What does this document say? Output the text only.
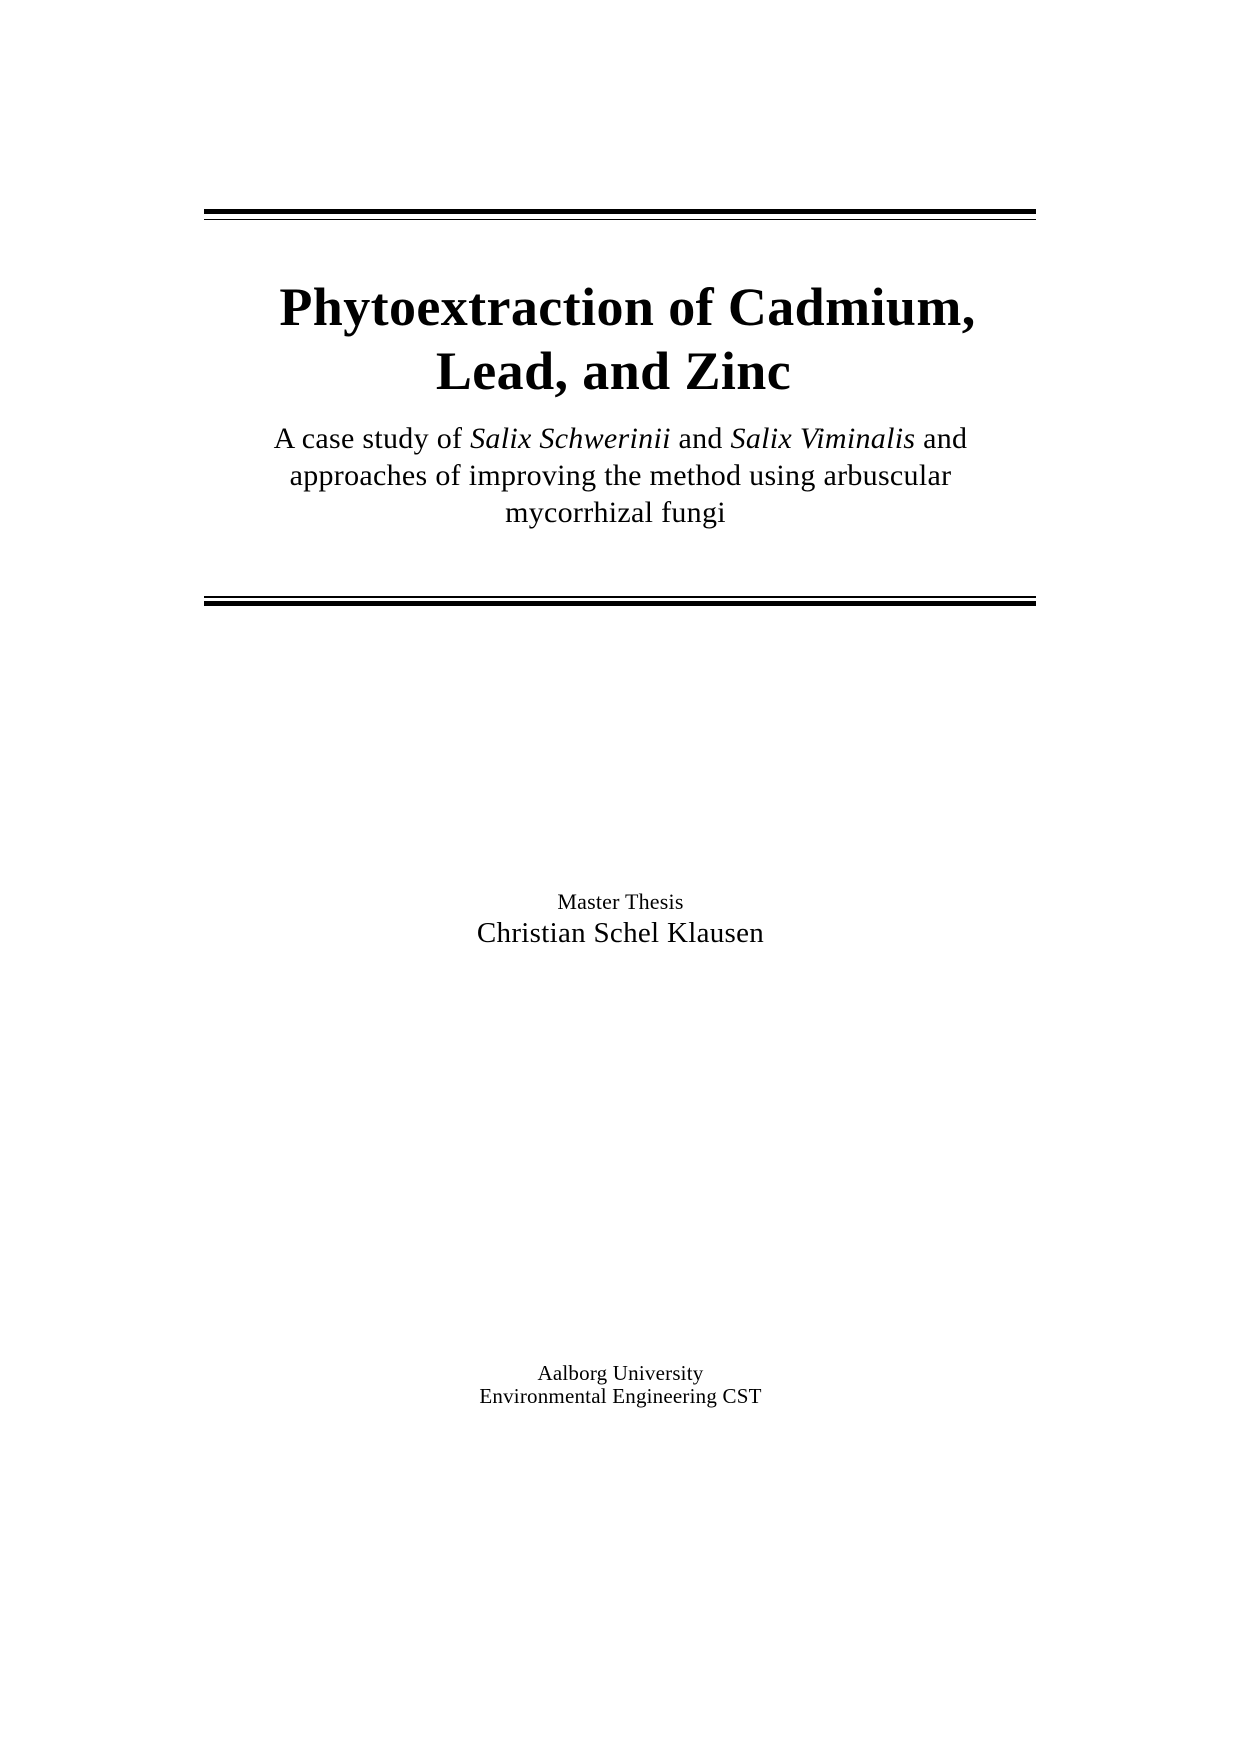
Phytoextraction of Cadmium,
Lead, and Zinc
A case study of Salix Schwerinii and Salix Viminalis and
approaches of improving the method using arbuscular
mycorrhizal fungi
Master Thesis
Christian Schel Klausen
Aalborg University
Environmental Engineering CST
